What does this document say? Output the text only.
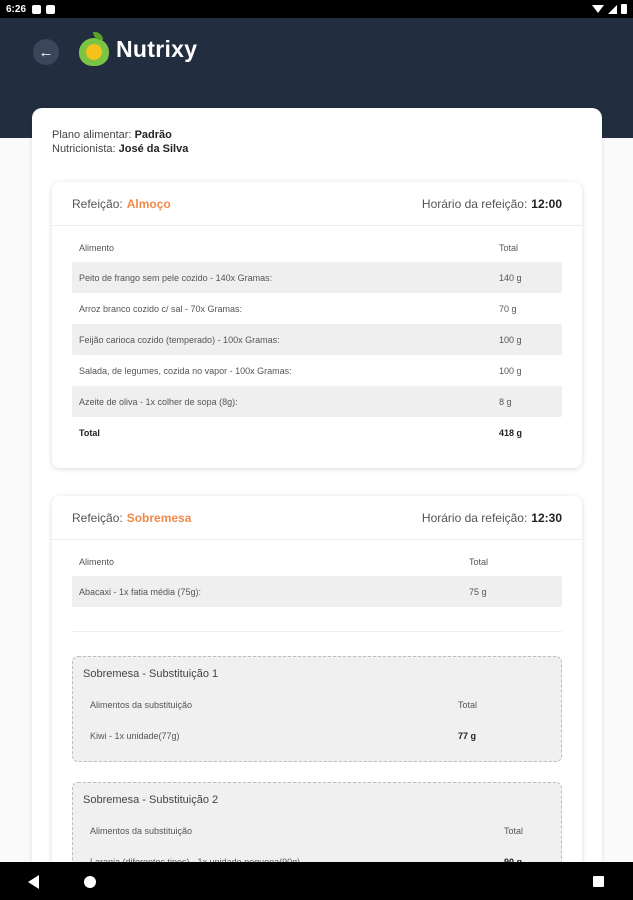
6:26
←	Nutrixy
Plano alimentar: Padrão
Nutricionista: José da Silva
Refeição: Almoço	Horário da refeição: 12:00
Alimento	Total
Peito de frango sem pele cozido - 140x Gramas:	140 g
Arroz branco cozido c/ sal - 70x Gramas:	70 g
Feijão carioca cozido (temperado) - 100x Gramas:	100 g
Salada, de legumes, cozida no vapor - 100x Gramas:	100 g
Azeite de oliva - 1x colher de sopa (8g):	8 g
Total	418 g
Refeição: Sobremesa	Horário da refeição: 12:30
Alimento	Total
Abacaxi - 1x fatia média (75g):	75 g
Sobremesa - Substituição 1
Alimentos da substituição	Total
Kiwi - 1x unidade(77g)	77 g
Sobremesa - Substituição 2
Alimentos da substituição	Total
